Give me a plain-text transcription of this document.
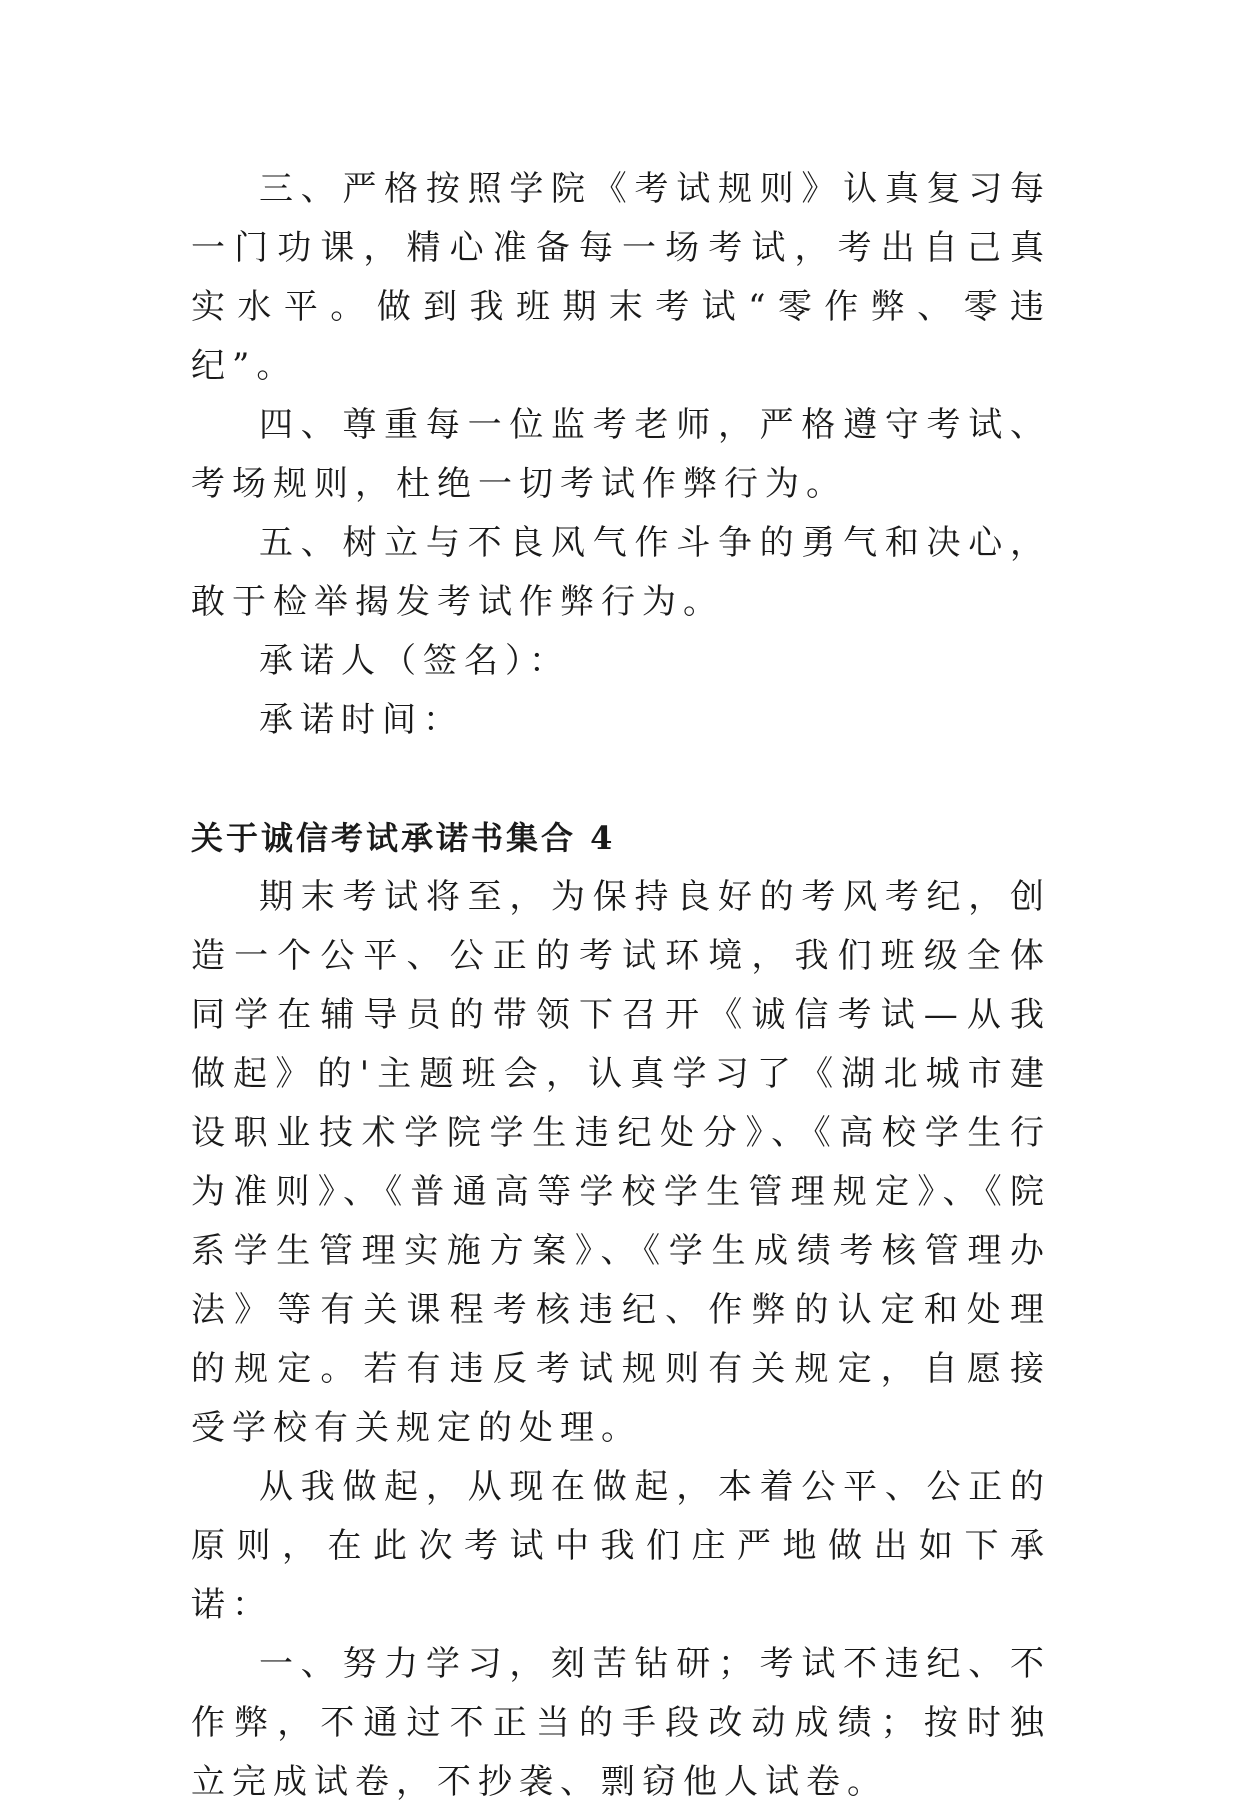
三、严格按照学院《考试规则》认真复习每一门功课，精心准备每一场考试，考出自己真实水平。做到我班期末考试“零作弊、零违纪”。

四、尊重每一位监考老师，严格遵守考试、考场规则，杜绝一切考试作弊行为。

五、树立与不良风气作斗争的勇气和决心，敢于检举揭发考试作弊行为。

承诺人（签名）：

承诺时间：

关于诚信考试承诺书集合 4

期末考试将至，为保持良好的考风考纪，创造一个公平、公正的考试环境，我们班级全体同学在辅导员的带领下召开《诚信考试—从我做起》的'主题班会，认真学习了《湖北城市建设职业技术学院学生违纪处分》、《高校学生行为准则》、《普通高等学校学生管理规定》、《院系学生管理实施方案》、《学生成绩考核管理办法》等有关课程考核违纪、作弊的认定和处理的规定。若有违反考试规则有关规定，自愿接受学校有关规定的处理。

从我做起，从现在做起，本着公平、公正的原则，在此次考试中我们庄严地做出如下承诺：

一、努力学习，刻苦钻研；考试不违纪、不作弊，不通过不正当的手段改动成绩；按时独立完成试卷，不抄袭、剽窃他人试卷。
